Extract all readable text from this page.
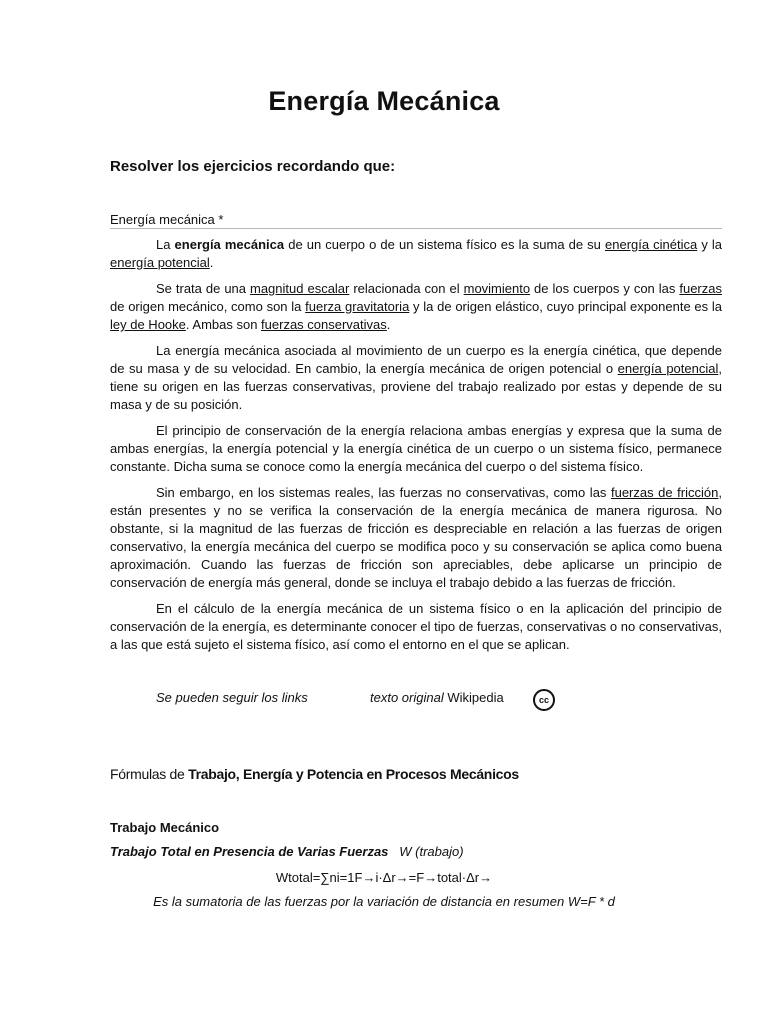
Energía Mecánica
Resolver los ejercicios recordando que:
Energía mecánica *

La energía mecánica de un cuerpo o de un sistema físico es la suma de su energía cinética y la energía potencial.

Se trata de una magnitud escalar relacionada con el movimiento de los cuerpos y con las fuerzas de origen mecánico, como son la fuerza gravitatoria y la de origen elástico, cuyo principal exponente es la ley de Hooke. Ambas son fuerzas conservativas.

La energía mecánica asociada al movimiento de un cuerpo es la energía cinética, que depende de su masa y de su velocidad. En cambio, la energía mecánica de origen potencial o energía potencial, tiene su origen en las fuerzas conservativas, proviene del trabajo realizado por estas y depende de su masa y de su posición.

El principio de conservación de la energía relaciona ambas energías y expresa que la suma de ambas energías, la energía potencial y la energía cinética de un cuerpo o un sistema físico, permanece constante. Dicha suma se conoce como la energía mecánica del cuerpo o del sistema físico.

Sin embargo, en los sistemas reales, las fuerzas no conservativas, como las fuerzas de fricción, están presentes y no se verifica la conservación de la energía mecánica de manera rigurosa. No obstante, si la magnitud de las fuerzas de fricción es despreciable en relación a las fuerzas de origen conservativo, la energía mecánica del cuerpo se modifica poco y su conservación se aplica como buena aproximación. Cuando las fuerzas de fricción son apreciables, debe aplicarse un principio de conservación de energía más general, donde se incluya el trabajo debido a las fuerzas de fricción.

En el cálculo de la energía mecánica de un sistema físico o en la aplicación del principio de conservación de la energía, es determinante conocer el tipo de fuerzas, conservativas o no conservativas, a las que está sujeto el sistema físico, así como el entorno en el que se aplican.

Se pueden seguir los links	texto original Wikipedia	cc
Fórmulas de Trabajo, Energía y Potencia en Procesos Mecánicos
Trabajo Mecánico
Trabajo Total en Presencia de Varias Fuerzas W (trabajo)
Wtotal=∑ni=1F→i·Δr→=F→total·Δr→
Es la sumatoria de las fuerzas por la variación de distancia en resumen W=F * d
